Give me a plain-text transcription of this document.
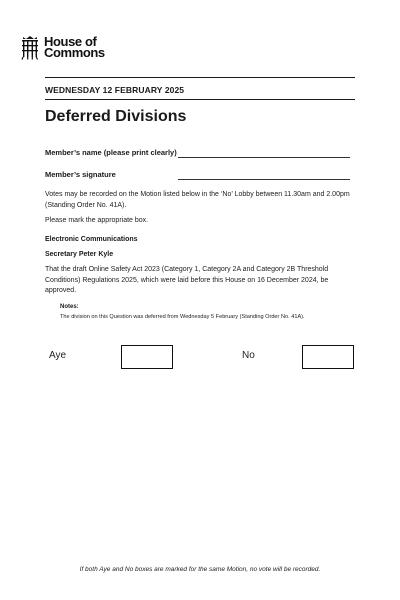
House of
Commons
WEDNESDAY 12 FEBRUARY 2025
Deferred Divisions
Member’s name (please print clearly)
Member’s signature
Votes may be recorded on the Motion listed below in the ‘No’ Lobby between 11.30am and 2.00pm (Standing Order No. 41A).
Please mark the appropriate box.
Electronic Communications
Secretary Peter Kyle
That the draft Online Safety Act 2023 (Category 1, Category 2A and Category 2B Threshold Conditions) Regulations 2025, which were laid before this House on 16 December 2024, be approved.
Notes:
The division on this Question was deferred from Wednesday 5 February (Standing Order No. 41A).
Aye	No
If both Aye and No boxes are marked for the same Motion, no vote will be recorded.
